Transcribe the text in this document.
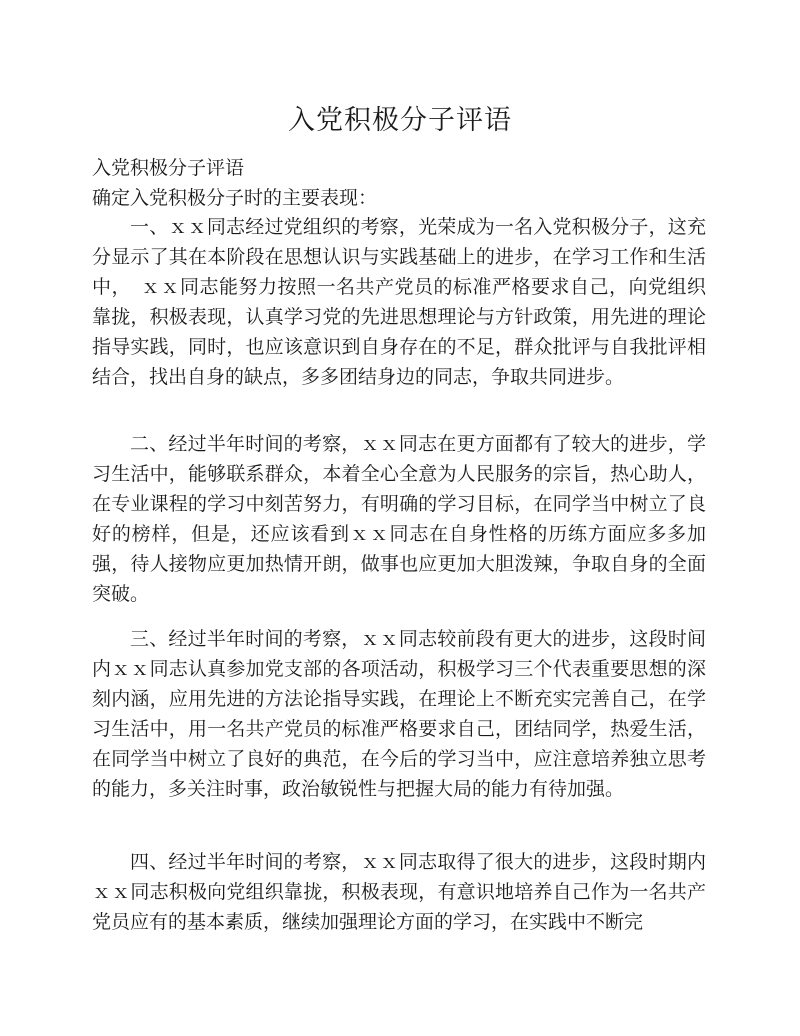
入党积极分子评语
入党积极分子评语
确定入党积极分子时的主要表现：

一、ｘｘ同志经过党组织的考察，光荣成为一名入党积极分子，这充分显示了其在本阶段在思想认识与实践基础上的进步，在学习工作和生活中，　ｘｘ同志能努力按照一名共产党员的标准严格要求自己，向党组织靠拢，积极表现，认真学习党的先进思想理论与方针政策，用先进的理论指导实践，同时，也应该意识到自身存在的不足，群众批评与自我批评相结合，找出自身的缺点，多多团结身边的同志，争取共同进步。

二、经过半年时间的考察，ｘｘ同志在更方面都有了较大的进步，学习生活中，能够联系群众，本着全心全意为人民服务的宗旨，热心助人，在专业课程的学习中刻苦努力，有明确的学习目标，在同学当中树立了良好的榜样，但是，还应该看到ｘｘ同志在自身性格的历练方面应多多加强，待人接物应更加热情开朗，做事也应更加大胆泼辣，争取自身的全面突破。

三、经过半年时间的考察，ｘｘ同志较前段有更大的进步，这段时间内ｘｘ同志认真参加党支部的各项活动，积极学习三个代表重要思想的深刻内涵，应用先进的方法论指导实践，在理论上不断充实完善自己，在学习生活中，用一名共产党员的标准严格要求自己，团结同学，热爱生活，在同学当中树立了良好的典范，在今后的学习当中，应注意培养独立思考的能力，多关注时事，政治敏锐性与把握大局的能力有待加强。

四、经过半年时间的考察，ｘｘ同志取得了很大的进步，这段时期内ｘｘ同志积极向党组织靠拢，积极表现，有意识地培养自己作为一名共产党员应有的基本素质，继续加强理论方面的学习，在实践中不断完
